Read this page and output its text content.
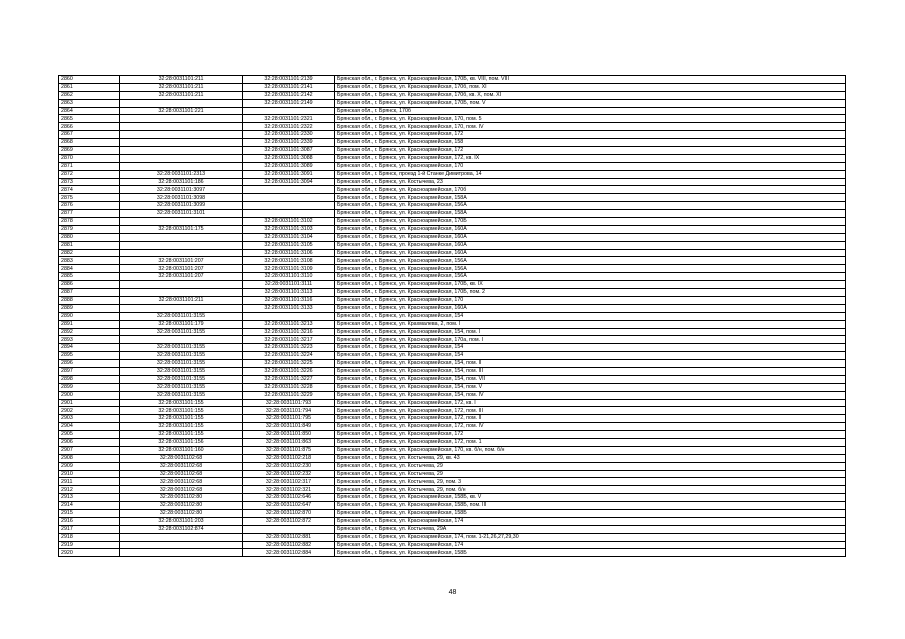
2860	32:28:0031101:211	32:28:0031101:2139	Брянская обл., г. Брянск, ул. Красноармейская, 170Б, кв. VIII, пом. VIII
2861	32:28:0031101:211	32:28:0031101:2141	Брянская обл., г. Брянск, ул. Красноармейская, 170б, пом. XI
2862	32:28:0031101:211	32:28:0031101:2142	Брянская обл., г. Брянск, ул. Красноармейская, 170б, кв. Х, пом. XI
2863		32:28:0031101:2149	Брянская обл., г. Брянск, ул. Красноармейская, 170Б, пом. V
2864	32:28:0031101:221		Брянская обл., г. Брянск, 170б
2865		32:28:0031101:2321	Брянская обл., г. Брянск, ул. Красноармейская, 170, пом. 5
2866		32:28:0031101:2322	Брянская обл., г. Брянск, ул. Красноармейская, 170, пом. IV
2867		32:28:0031101:2330	Брянская обл., г. Брянск, ул. Красноармейская, 172
2868		32:28:0031101:2339	Брянская обл., г. Брянск, ул. Красноармейская, 158
2869		32:28:0031101:3087	Брянская обл., г. Брянск, ул. Красноармейская, 172
2870		32:28:0031101:3088	Брянская обл., г. Брянск, ул. Красноармейская, 172, кв. IX
2871		32:28:0031101:3089	Брянская обл., г. Брянск, ул. Красноармейская, 170
2872	32:28:0031101:2313	32:28:0031101:3091	Брянская обл., г. Брянск, проезд 1-й Станке Димитрова, 14
2873	32:28:0031101:186	32:28:0031101:3094	Брянская обл., г. Брянск, ул. Костычева, 23
2874	32:28:0031101:3097		Брянская обл., г. Брянск, ул. Красноармейская, 170б
2875	32:28:0031101:3098		Брянская обл., г. Брянск, ул. Красноармейская, 158А
2876	32:28:0031101:3099		Брянская обл., г. Брянск, ул. Красноармейская, 156А
2877	32:28:0031101:3101		Брянская обл., г. Брянск, ул. Красноармейская, 158А
2878		32:28:0031101:3102	Брянская обл., г. Брянск, ул. Красноармейская, 170Б
2879	32:28:0031101:175	32:28:0031101:3103	Брянская обл., г. Брянск, ул. Красноармейская, 160А
2880		32:28:0031101:3104	Брянская обл., г. Брянск, ул. Красноармейская, 160А
2881		32:28:0031101:3105	Брянская обл., г. Брянск, ул. Красноармейская, 160А
2882		32:28:0031101:3106	Брянская обл., г. Брянск, ул. Красноармейская, 160А
2883	32:28:0031101:207	32:28:0031101:3108	Брянская обл., г. Брянск, ул. Красноармейская, 156А
2884	32:28:0031101:207	32:28:0031101:3109	Брянская обл., г. Брянск, ул. Красноармейская, 156А
2885	32:28:0031101:207	32:28:0031101:3110	Брянская обл., г. Брянск, ул. Красноармейская, 156А
2886		32:28:0031101:3111	Брянская обл., г. Брянск, ул. Красноармейская, 170Б, кв. IX
2887		32:28:0031101:3113	Брянская обл., г. Брянск, ул. Красноармейская, 170Б, пом. 2
2888	32:28:0031101:211	32:28:0031101:3116	Брянская обл., г. Брянск, ул. Красноармейская, 170
2889		32:28:0031101:3133	Брянская обл., г. Брянск, ул. Красноармейская, 160А
2890	32:28:0031101:3155		Брянская обл., г. Брянск, ул. Красноармейская, 154
2891	32:28:0031101:179	32:28:0031101:3213	Брянская обл., г. Брянск, ул. Крахмалева, 2, пом. I
2892	32:28:0031101:3155	32:28:0031101:3216	Брянская обл., г. Брянск, ул. Красноармейская, 154, пом. I
2893		32:28:0031101:3217	Брянская обл., г. Брянск, ул. Красноармейская, 170а, пом. I
2894	32:28:0031101:3155	32:28:0031101:3223	Брянская обл., г. Брянск, ул. Красноармейская, 154
2895	32:28:0031101:3155	32:28:0031101:3224	Брянская обл., г. Брянск, ул. Красноармейская, 154
2896	32:28:0031101:3155	32:28:0031101:3225	Брянская обл., г. Брянск, ул. Красноармейская, 154, пом. II
2897	32:28:0031101:3155	32:28:0031101:3226	Брянская обл., г. Брянск, ул. Красноармейская, 154, пом. III
2898	32:28:0031101:3155	32:28:0031101:3227	Брянская обл., г. Брянск, ул. Красноармейская, 154, пом. VII
2899	32:28:0031101:3155	32:28:0031101:3228	Брянская обл., г. Брянск, ул. Красноармейская, 154, пом. V
2900	32:28:0031101:3155	32:28:0031101:3229	Брянская обл., г. Брянск, ул. Красноармейская, 154, пом. IV
2901	32:28:0031101:155	32:28:0031101:793	Брянская обл., г. Брянск, ул. Красноармейская, 172, кв. I
2902	32:28:0031101:155	32:28:0031101:794	Брянская обл., г. Брянск, ул. Красноармейская, 172, пом. III
2903	32:28:0031101:155	32:28:0031101:795	Брянская обл., г. Брянск, ул. Красноармейская, 172, пом. II
2904	32:28:0031101:155	32:28:0031101:849	Брянская обл., г. Брянск, ул. Красноармейская, 172, пом. IV
2905	32:28:0031101:155	32:28:0031101:850	Брянская обл., г. Брянск, ул. Красноармейская, 172
2906	32:28:0031101:156	32:28:0031101:863	Брянская обл., г. Брянск, ул. Красноармейская, 172, пом. 1
2907	32:28:0031101:160	32:28:0031101:875	Брянская обл., г. Брянск, ул. Красноармейская, 170, кв. б/н, пом. б/н
2908	32:28:0031102:68	32:28:0031102:218	Брянская обл., г. Брянск, ул. Костычева, 29, кв. 43
2909	32:28:0031102:68	32:28:0031102:230	Брянская обл., г. Брянск, ул. Костычева, 29
2910	32:28:0031102:68	32:28:0031102:232	Брянская обл., г. Брянск, ул. Костычева, 29
2911	32:28:0031102:68	32:28:0031102:317	Брянская обл., г. Брянск, ул. Костычева, 29, пом. 3
2912	32:28:0031102:68	32:28:0031102:321	Брянская обл., г. Брянск, ул. Костычева, 29, пом. б/н
2913	32:28:0031102:80	32:28:0031102:646	Брянская обл., г. Брянск, ул. Красноармейская, 158Б, кв. V
2914	32:28:0031102:80	32:28:0031102:647	Брянская обл., г. Брянск, ул. Красноармейская, 158Б, пом. III
2915	32:28:0031102:80	32:28:0031102:870	Брянская обл., г. Брянск, ул. Красноармейская, 158Б
2916	32:28:0031101:203	32:28:0031102:872	Брянская обл., г. Брянск, ул. Красноармейская, 174
2917	32:28:0031102:874		Брянская обл., г. Брянск, ул. Костычева, 29А
2918		32:28:0031102:881	Брянская обл., г. Брянск, ул. Красноармейская, 174, пом. 1-21,26,27,29,30
2919		32:28:0031102:882	Брянская обл., г. Брянск, ул. Красноармейская, 174
2920		32:28:0031102:884	Брянская обл., г. Брянск, ул. Красноармейская, 158Б
48
